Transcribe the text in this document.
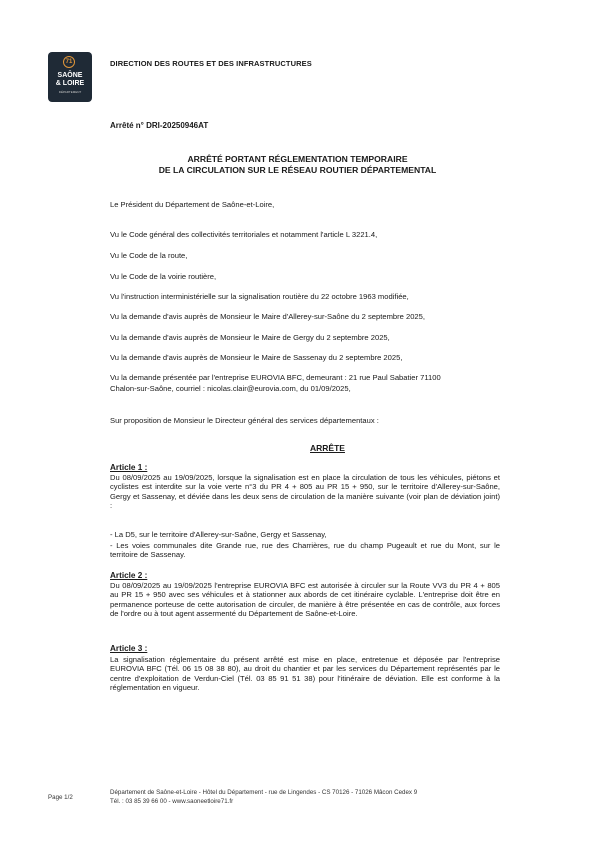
71
SAÔNE
& LOIRE
DÉPARTEMENT
DIRECTION DES ROUTES ET DES INFRASTRUCTURES
Arrêté n° DRI-20250946AT
ARRÊTÉ PORTANT RÉGLEMENTATION TEMPORAIRE
DE LA CIRCULATION SUR LE RÉSEAU ROUTIER DÉPARTEMENTAL
Le Président du Département de Saône-et-Loire,
Vu le Code général des collectivités territoriales et notamment l'article L 3221.4,
Vu le Code de la route,
Vu le Code de la voirie routière,
Vu l'instruction interministérielle sur la signalisation routière du 22 octobre 1963 modifiée,
Vu la demande d'avis auprès de Monsieur le Maire d'Allerey-sur-Saône du 2 septembre 2025,
Vu la demande d'avis auprès de Monsieur le Maire de Gergy du 2 septembre 2025,
Vu la demande d'avis auprès de Monsieur le Maire de Sassenay du 2 septembre 2025,
Vu la demande présentée par l'entreprise EUROVIA BFC, demeurant : 21 rue Paul Sabatier 71100
Chalon-sur-Saône, courriel : nicolas.clair@eurovia.com, du 01/09/2025,
Sur proposition de Monsieur le Directeur général des services départementaux :
ARRÊTE
Article 1 :
Du 08/09/2025 au 19/09/2025, lorsque la signalisation est en place la circulation de tous les véhicules, piétons et cyclistes est interdite sur la voie verte n°3 du PR 4 + 805 au PR 15 + 950, sur le territoire d'Allerey-sur-Saône, Gergy et Sassenay, et déviée dans les deux sens de circulation de la manière suivante (voir plan de déviation joint) :
- La D5, sur le territoire d'Allerey-sur-Saône, Gergy et Sassenay,
- Les voies communales dite Grande rue, rue des Charrières, rue du champ Pugeault et rue du Mont, sur le territoire de Sassenay.
Article 2 :
Du 08/09/2025 au 19/09/2025 l'entreprise EUROVIA BFC est autorisée à circuler sur la Route VV3 du PR 4 + 805 au PR 15 + 950 avec ses véhicules et à stationner aux abords de cet itinéraire cyclable. L'entreprise doit être en permanence porteuse de cette autorisation de circuler, de manière à être présentée en cas de contrôle, aux forces de l'ordre ou à tout agent assermenté du Département de Saône-et-Loire.
Article 3 :
La signalisation réglementaire du présent arrêté est mise en place, entretenue et déposée par l'entreprise EUROVIA BFC (Tél. 06 15 08 38 80), au droit du chantier et par les services du Département représentés par le centre d'exploitation de Verdun-Ciel (Tél. 03 85 91 51 38) pour l'itinéraire de déviation. Elle est conforme à la réglementation en vigueur.
Page 1/2
Département de Saône-et-Loire - Hôtel du Département - rue de Lingendes - CS 70126 - 71026 Mâcon Cedex 9
Tél. : 03 85 39 66 00 - www.saoneetloire71.fr
